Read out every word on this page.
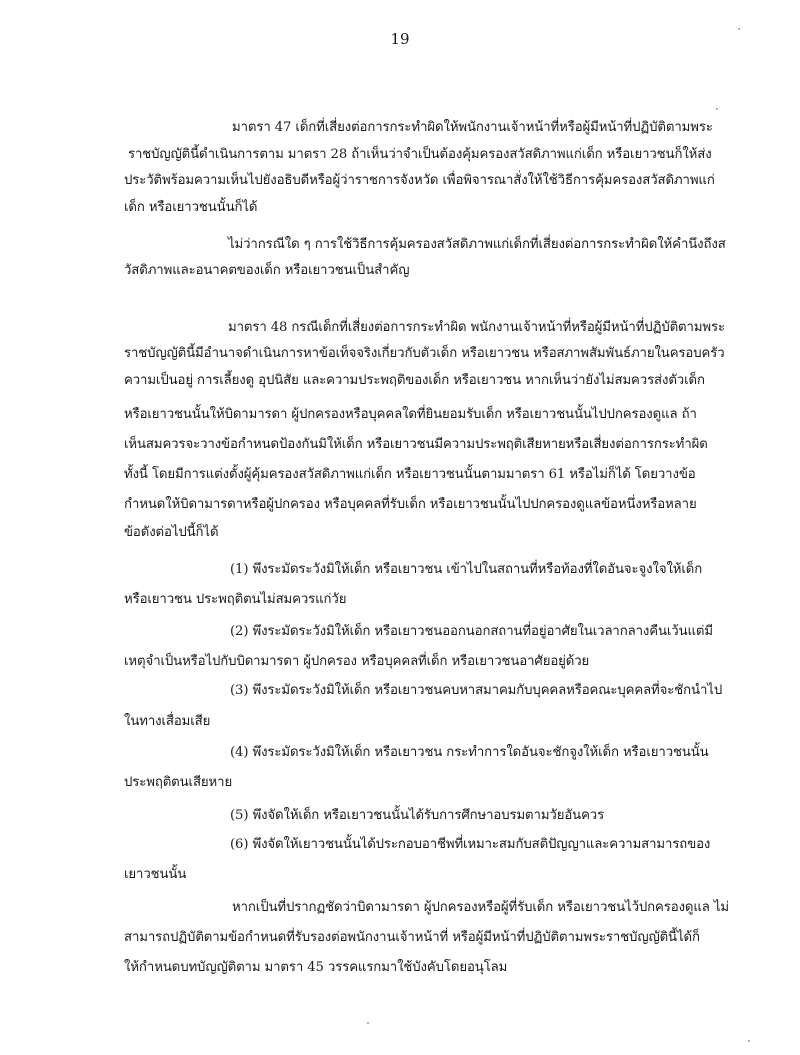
19
มาตรา 47 เด็กที่เสี่ยงต่อการกระทำผิดให้พนักงานเจ้าหน้าที่หรือผู้มีหน้าที่ปฏิบัติตามพระ
ราชบัญญัตินี้ดำเนินการตาม มาตรา 28 ถ้าเห็นว่าจำเป็นต้องคุ้มครองสวัสดิภาพแก่เด็ก หรือเยาวชนก็ให้ส่ง
ประวัติพร้อมความเห็นไปยังอธิบดีหรือผู้ว่าราชการจังหวัด เพื่อพิจารณาสั่งให้ใช้วิธีการคุ้มครองสวัสดิภาพแก่
เด็ก หรือเยาวชนนั้นก็ได้
ไม่ว่ากรณีใด ๆ การใช้วิธีการคุ้มครองสวัสดิภาพแก่เด็กที่เสี่ยงต่อการกระทำผิดให้คำนึงถึงส
วัสดิภาพและอนาคตของเด็ก หรือเยาวชนเป็นสำคัญ
มาตรา 48 กรณีเด็กที่เสี่ยงต่อการกระทำผิด พนักงานเจ้าหน้าที่หรือผู้มีหน้าที่ปฏิบัติตามพระ
ราชบัญญัตินี้มีอำนาจดำเนินการหาข้อเท็จจริงเกี่ยวกับตัวเด็ก หรือเยาวชน หรือสภาพสัมพันธ์ภายในครอบครัว
ความเป็นอยู่ การเลี้ยงดู อุปนิสัย และความประพฤติของเด็ก หรือเยาวชน หากเห็นว่ายังไม่สมควรส่งตัวเด็ก
หรือเยาวชนนั้นให้บิดามารดา ผู้ปกครองหรือบุคคลใดที่ยินยอมรับเด็ก หรือเยาวชนนั้นไปปกครองดูแล ถ้า
เห็นสมควรจะวางข้อกำหนดป้องกันมิให้เด็ก หรือเยาวชนมีความประพฤติเสียหายหรือเสี่ยงต่อการกระทำผิด
ทั้งนี้ โดยมีการแต่งตั้งผู้คุ้มครองสวัสดิภาพแก่เด็ก หรือเยาวชนนั้นตามมาตรา 61 หรือไม่ก็ได้ โดยวางข้อ
กำหนดให้บิดามารดาหรือผู้ปกครอง หรือบุคคลที่รับเด็ก หรือเยาวชนนั้นไปปกครองดูแลข้อหนึ่งหรือหลาย
ข้อดังต่อไปนี้ก็ได้
(1) พึงระมัดระวังมิให้เด็ก หรือเยาวชน เข้าไปในสถานที่หรือท้องที่ใดอันจะจูงใจให้เด็ก
หรือเยาวชน ประพฤติตนไม่สมควรแก่วัย
(2) พึงระมัดระวังมิให้เด็ก หรือเยาวชนออกนอกสถานที่อยู่อาศัยในเวลากลางคืนเว้นแต่มี
เหตุจำเป็นหรือไปกับบิดามารดา ผู้ปกครอง หรือบุคคลที่เด็ก หรือเยาวชนอาศัยอยู่ด้วย
(3) พึงระมัดระวังมิให้เด็ก หรือเยาวชนคบหาสมาคมกับบุคคลหรือคณะบุคคลที่จะชักนำไป
ในทางเสื่อมเสีย
(4) พึงระมัดระวังมิให้เด็ก หรือเยาวชน กระทำการใดอันจะชักจูงให้เด็ก หรือเยาวชนนั้น
ประพฤติตนเสียหาย
(5) พึงจัดให้เด็ก หรือเยาวชนนั้นได้รับการศึกษาอบรมตามวัยอันควร
(6) พึงจัดให้เยาวชนนั้นได้ประกอบอาชีพที่เหมาะสมกับสติปัญญาและความสามารถของ
เยาวชนนั้น
หากเป็นที่ปรากฏชัดว่าบิดามารดา ผู้ปกครองหรือผู้ที่รับเด็ก หรือเยาวชนไว้ปกครองดูแล ไม่
สามารถปฏิบัติตามข้อกำหนดที่รับรองต่อพนักงานเจ้าหน้าที่ หรือผู้มีหน้าที่ปฏิบัติตามพระราชบัญญัตินี้ได้ก็
ให้กำหนดบทบัญญัติตาม มาตรา 45 วรรคแรกมาใช้บังคับโดยอนุโลม
